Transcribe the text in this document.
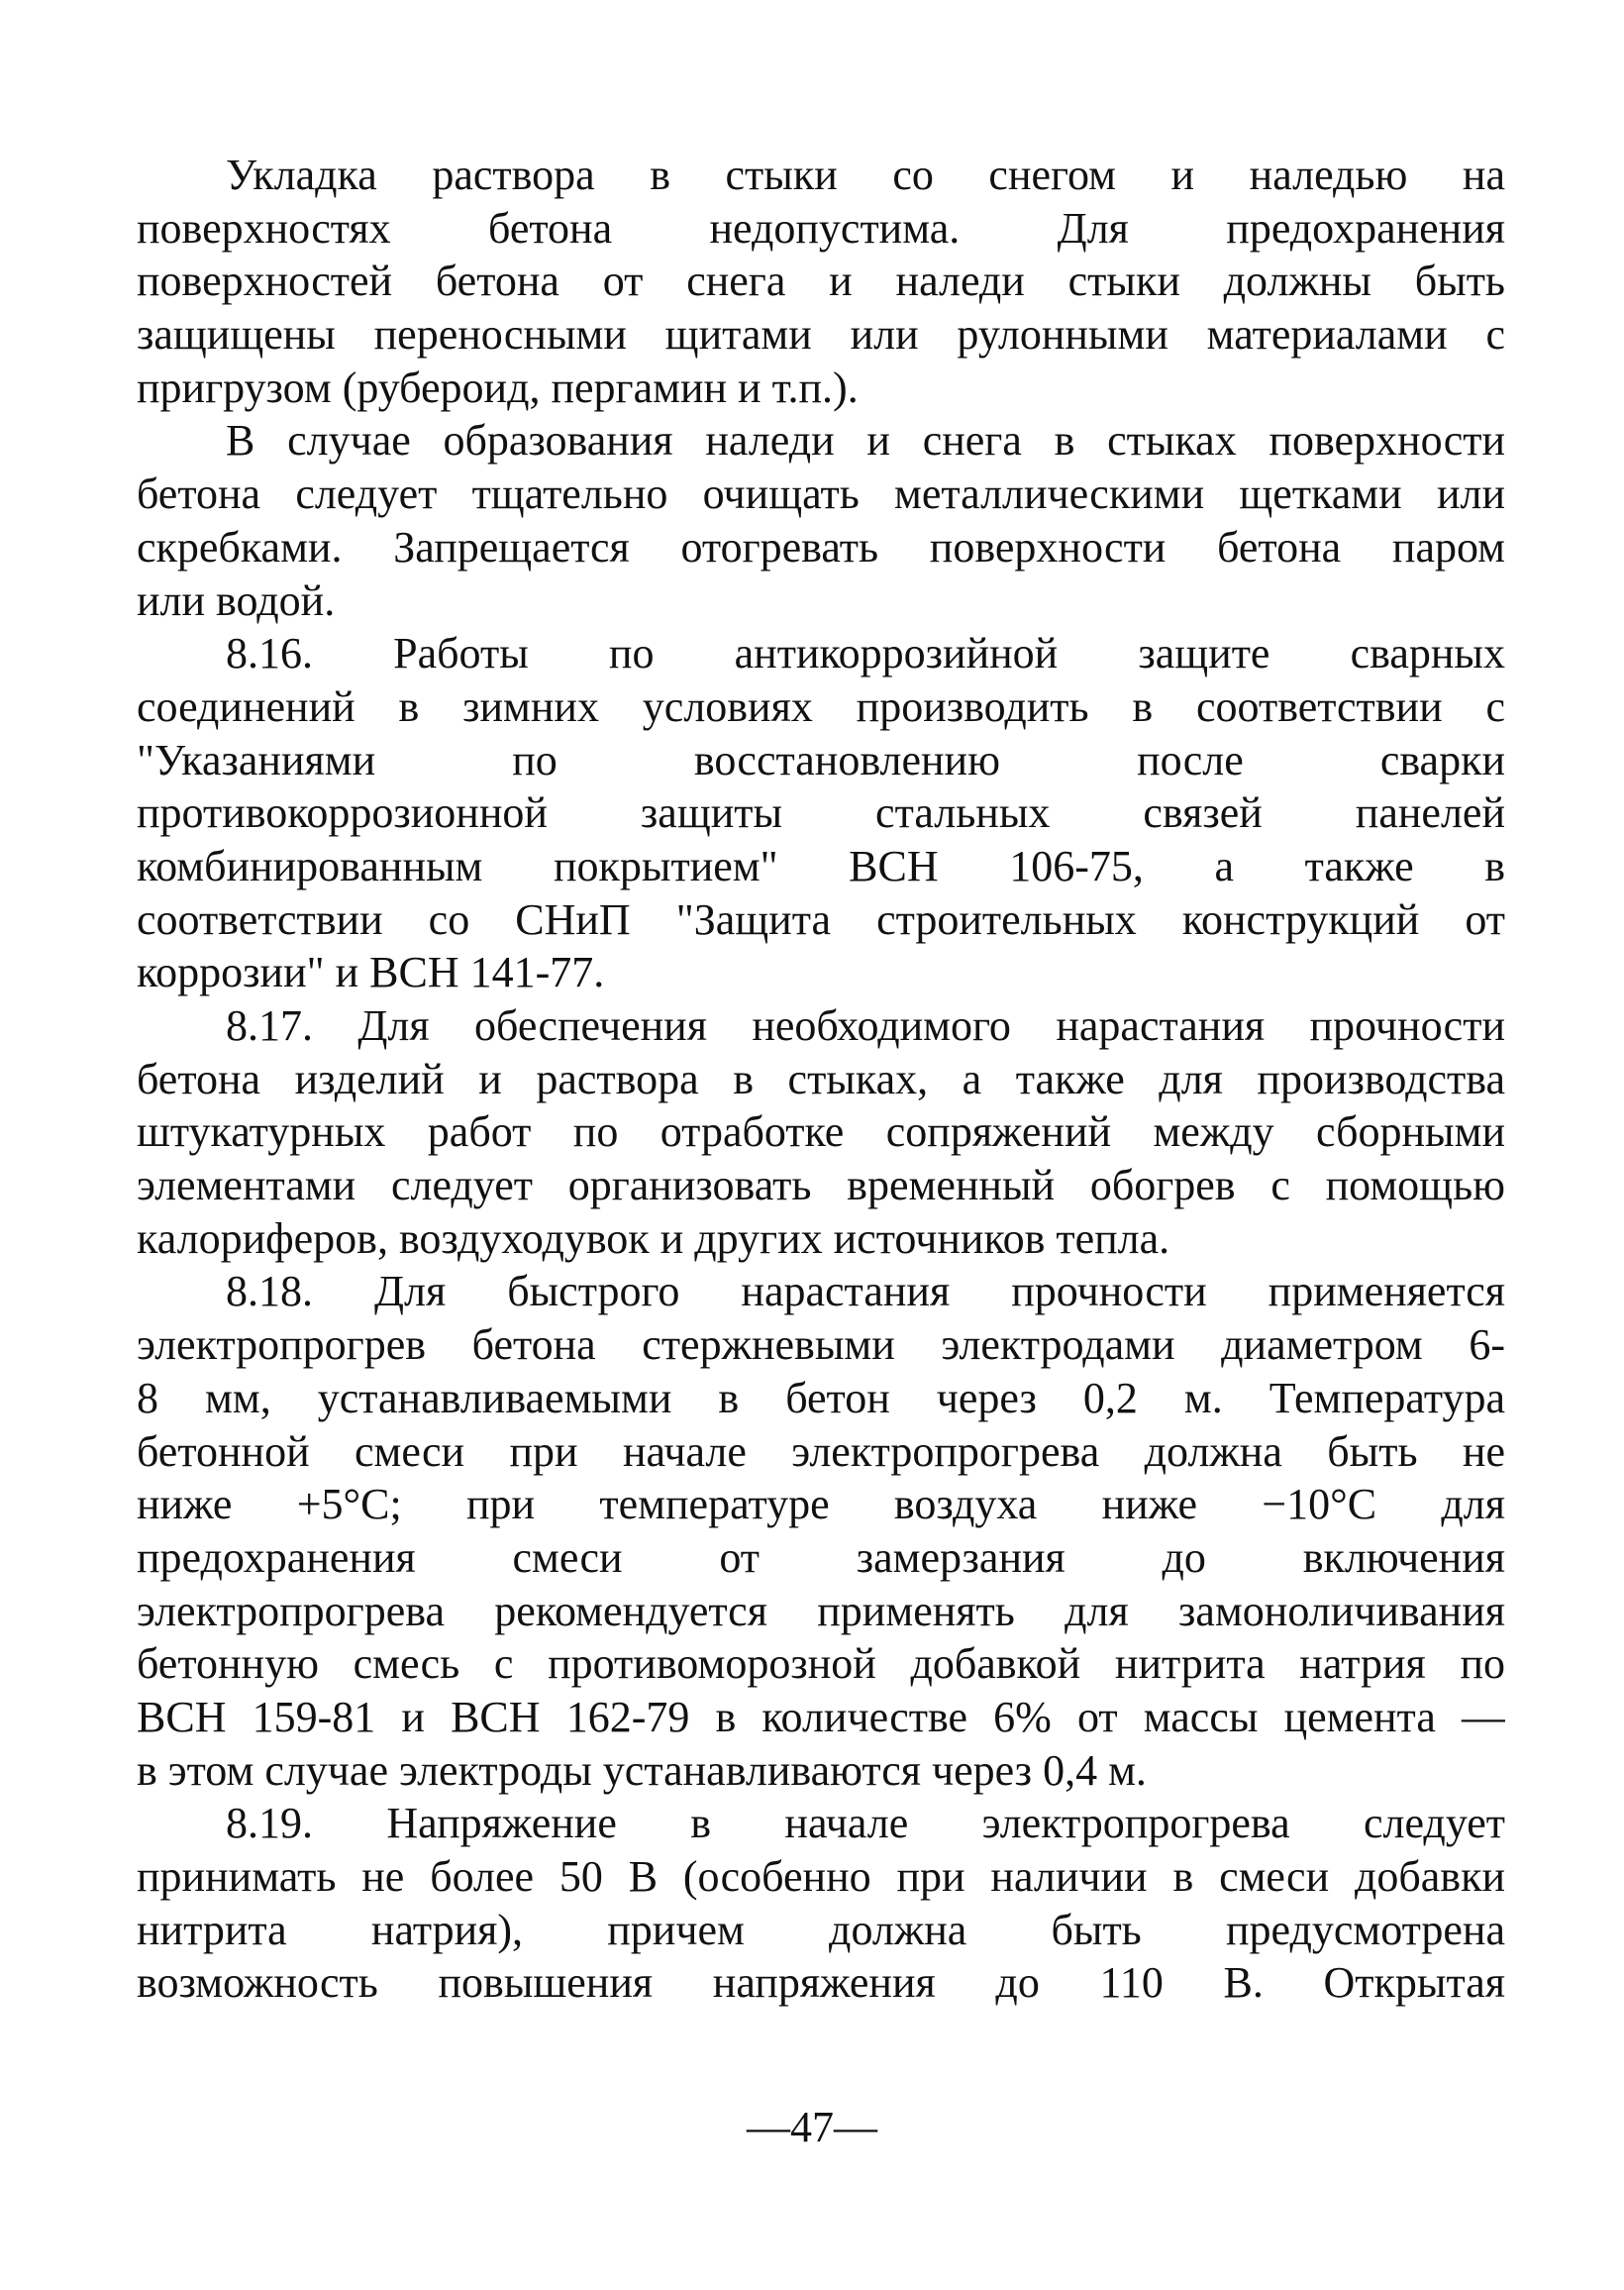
Укладка раствора в стыки со снегом и наледью на
поверхностях бетона недопустима. Для предохранения
поверхностей бетона от снега и наледи стыки должны быть
защищены переносными щитами или рулонными материалами с
пригрузом (рубероид, пергамин и т.п.).
В случае образования наледи и снега в стыках поверхности
бетона следует тщательно очищать металлическими щетками или
скребками. Запрещается отогревать поверхности бетона паром
или водой.
8.16. Работы по антикоррозийной защите сварных
соединений в зимних условиях производить в соответствии с
"Указаниями по восстановлению после сварки
противокоррозионной защиты стальных связей панелей
комбинированным покрытием" ВСН 106-75, а также в
соответствии со СНиП "Защита строительных конструкций от
коррозии" и ВСН 141-77.
8.17. Для обеспечения необходимого нарастания прочности
бетона изделий и раствора в стыках, а также для производства
штукатурных работ по отработке сопряжений между сборными
элементами следует организовать временный обогрев с помощью
калориферов, воздуходувок и других источников тепла.
8.18. Для быстрого нарастания прочности применяется
электропрогрев бетона стержневыми электродами диаметром 6-
8 мм, устанавливаемыми в бетон через 0,2 м. Температура
бетонной смеси при начале электропрогрева должна быть не
ниже +5°С; при температуре воздуха ниже −10°С для
предохранения смеси от замерзания до включения
электропрогрева рекомендуется применять для замоноличивания
бетонную смесь с противоморозной добавкой нитрита натрия по
ВСН 159-81 и ВСН 162-79 в количестве 6% от массы цемента —
в этом случае электроды устанавливаются через 0,4 м.
8.19. Напряжение в начале электропрогрева следует
принимать не более 50 В (особенно при наличии в смеси добавки
нитрита натрия), причем должна быть предусмотрена
возможность повышения напряжения до 110 В. Открытая
—47—
